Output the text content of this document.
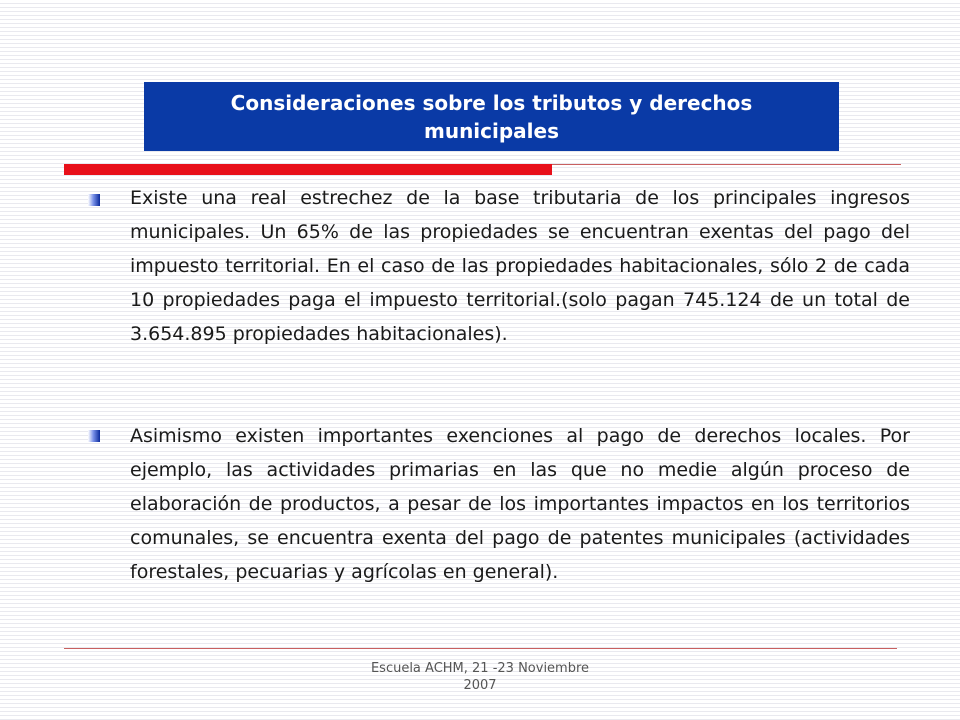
Consideraciones sobre los tributos y derechos municipales

Existe una real estrechez de la base tributaria de los principales ingresos municipales. Un 65% de las propiedades se encuentran exentas del pago del impuesto territorial. En el caso de las propiedades habitacionales, sólo 2 de cada 10 propiedades paga el impuesto territorial.(solo pagan 745.124 de un total de 3.654.895 propiedades habitacionales).

Asimismo existen importantes exenciones al pago de derechos locales. Por ejemplo, las actividades primarias en las que no medie algún proceso de elaboración de productos, a pesar de los importantes impactos en los territorios comunales, se encuentra exenta del pago de patentes municipales (actividades forestales, pecuarias y agrícolas en general).

Escuela ACHM, 21 -23 Noviembre
2007
